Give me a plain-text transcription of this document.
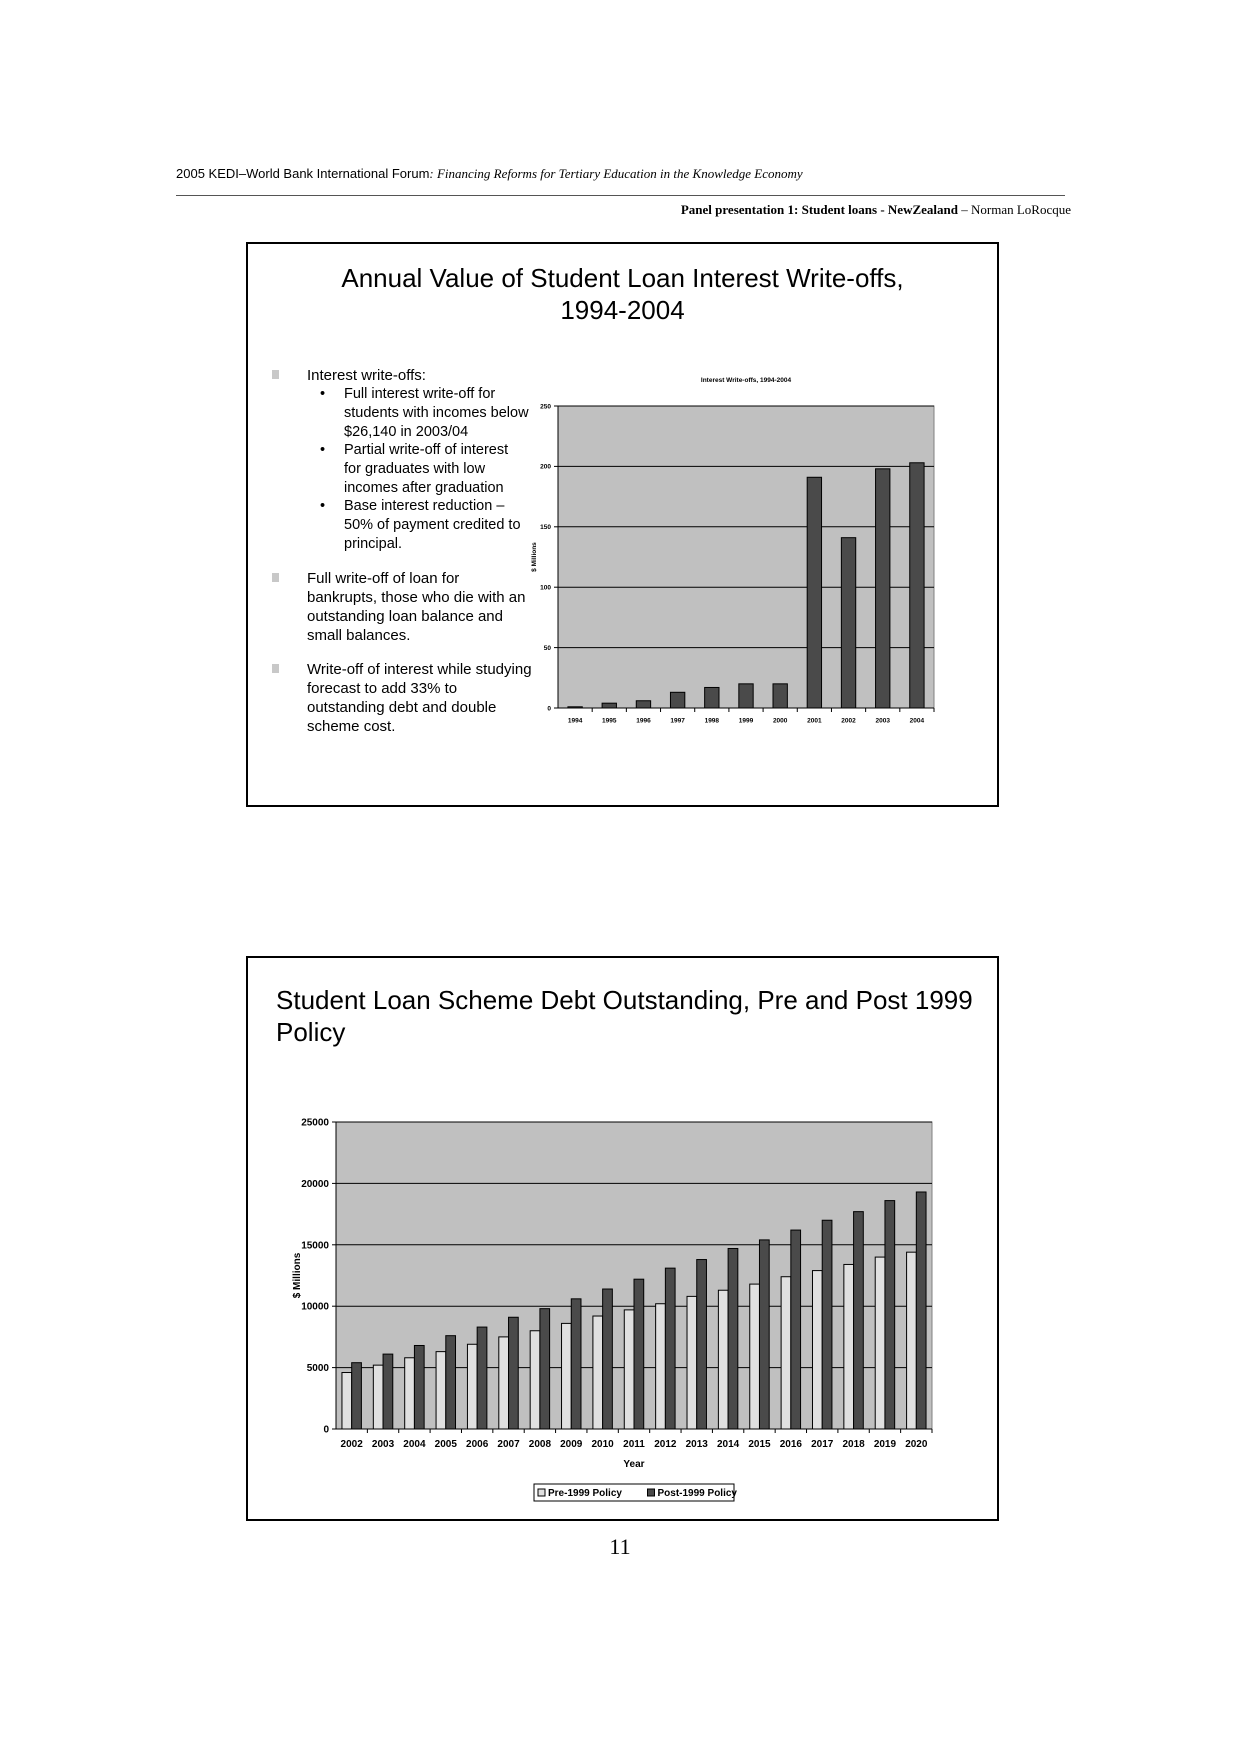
2005 KEDI–World Bank International Forum: Financing Reforms for Tertiary Education in the Knowledge Economy
Panel presentation 1: Student loans - NewZealand – Norman LoRocque
Annual Value of Student Loan Interest Write-offs,
1994-2004
Interest write-offs:
• Full interest write-off for students with incomes below $26,140 in 2003/04
• Partial write-off of interest for graduates with low incomes after graduation
• Base interest reduction – 50% of payment credited to principal.
Full write-off of loan for bankrupts, those who die with an outstanding loan balance and small balances.
Write-off of interest while studying forecast to add 33% to outstanding debt and double scheme cost.
0
50
100
150
200
250
1994	1995	1996	1997	1998	1999	2000	2001	2002	2003	2004
$ Millions
Interest Write-offs, 1994-2004
Student Loan Scheme Debt Outstanding, Pre and Post 1999 Policy
0
5000
10000
15000
20000
25000
2002 2003 2004 2005 2006 2007 2008 2009 2010 2011 2012 2013 2014 2015 2016 2017 2018 2019 2020
$ Millions
Year
Pre-1999 Policy	Post-1999 Policy
11
